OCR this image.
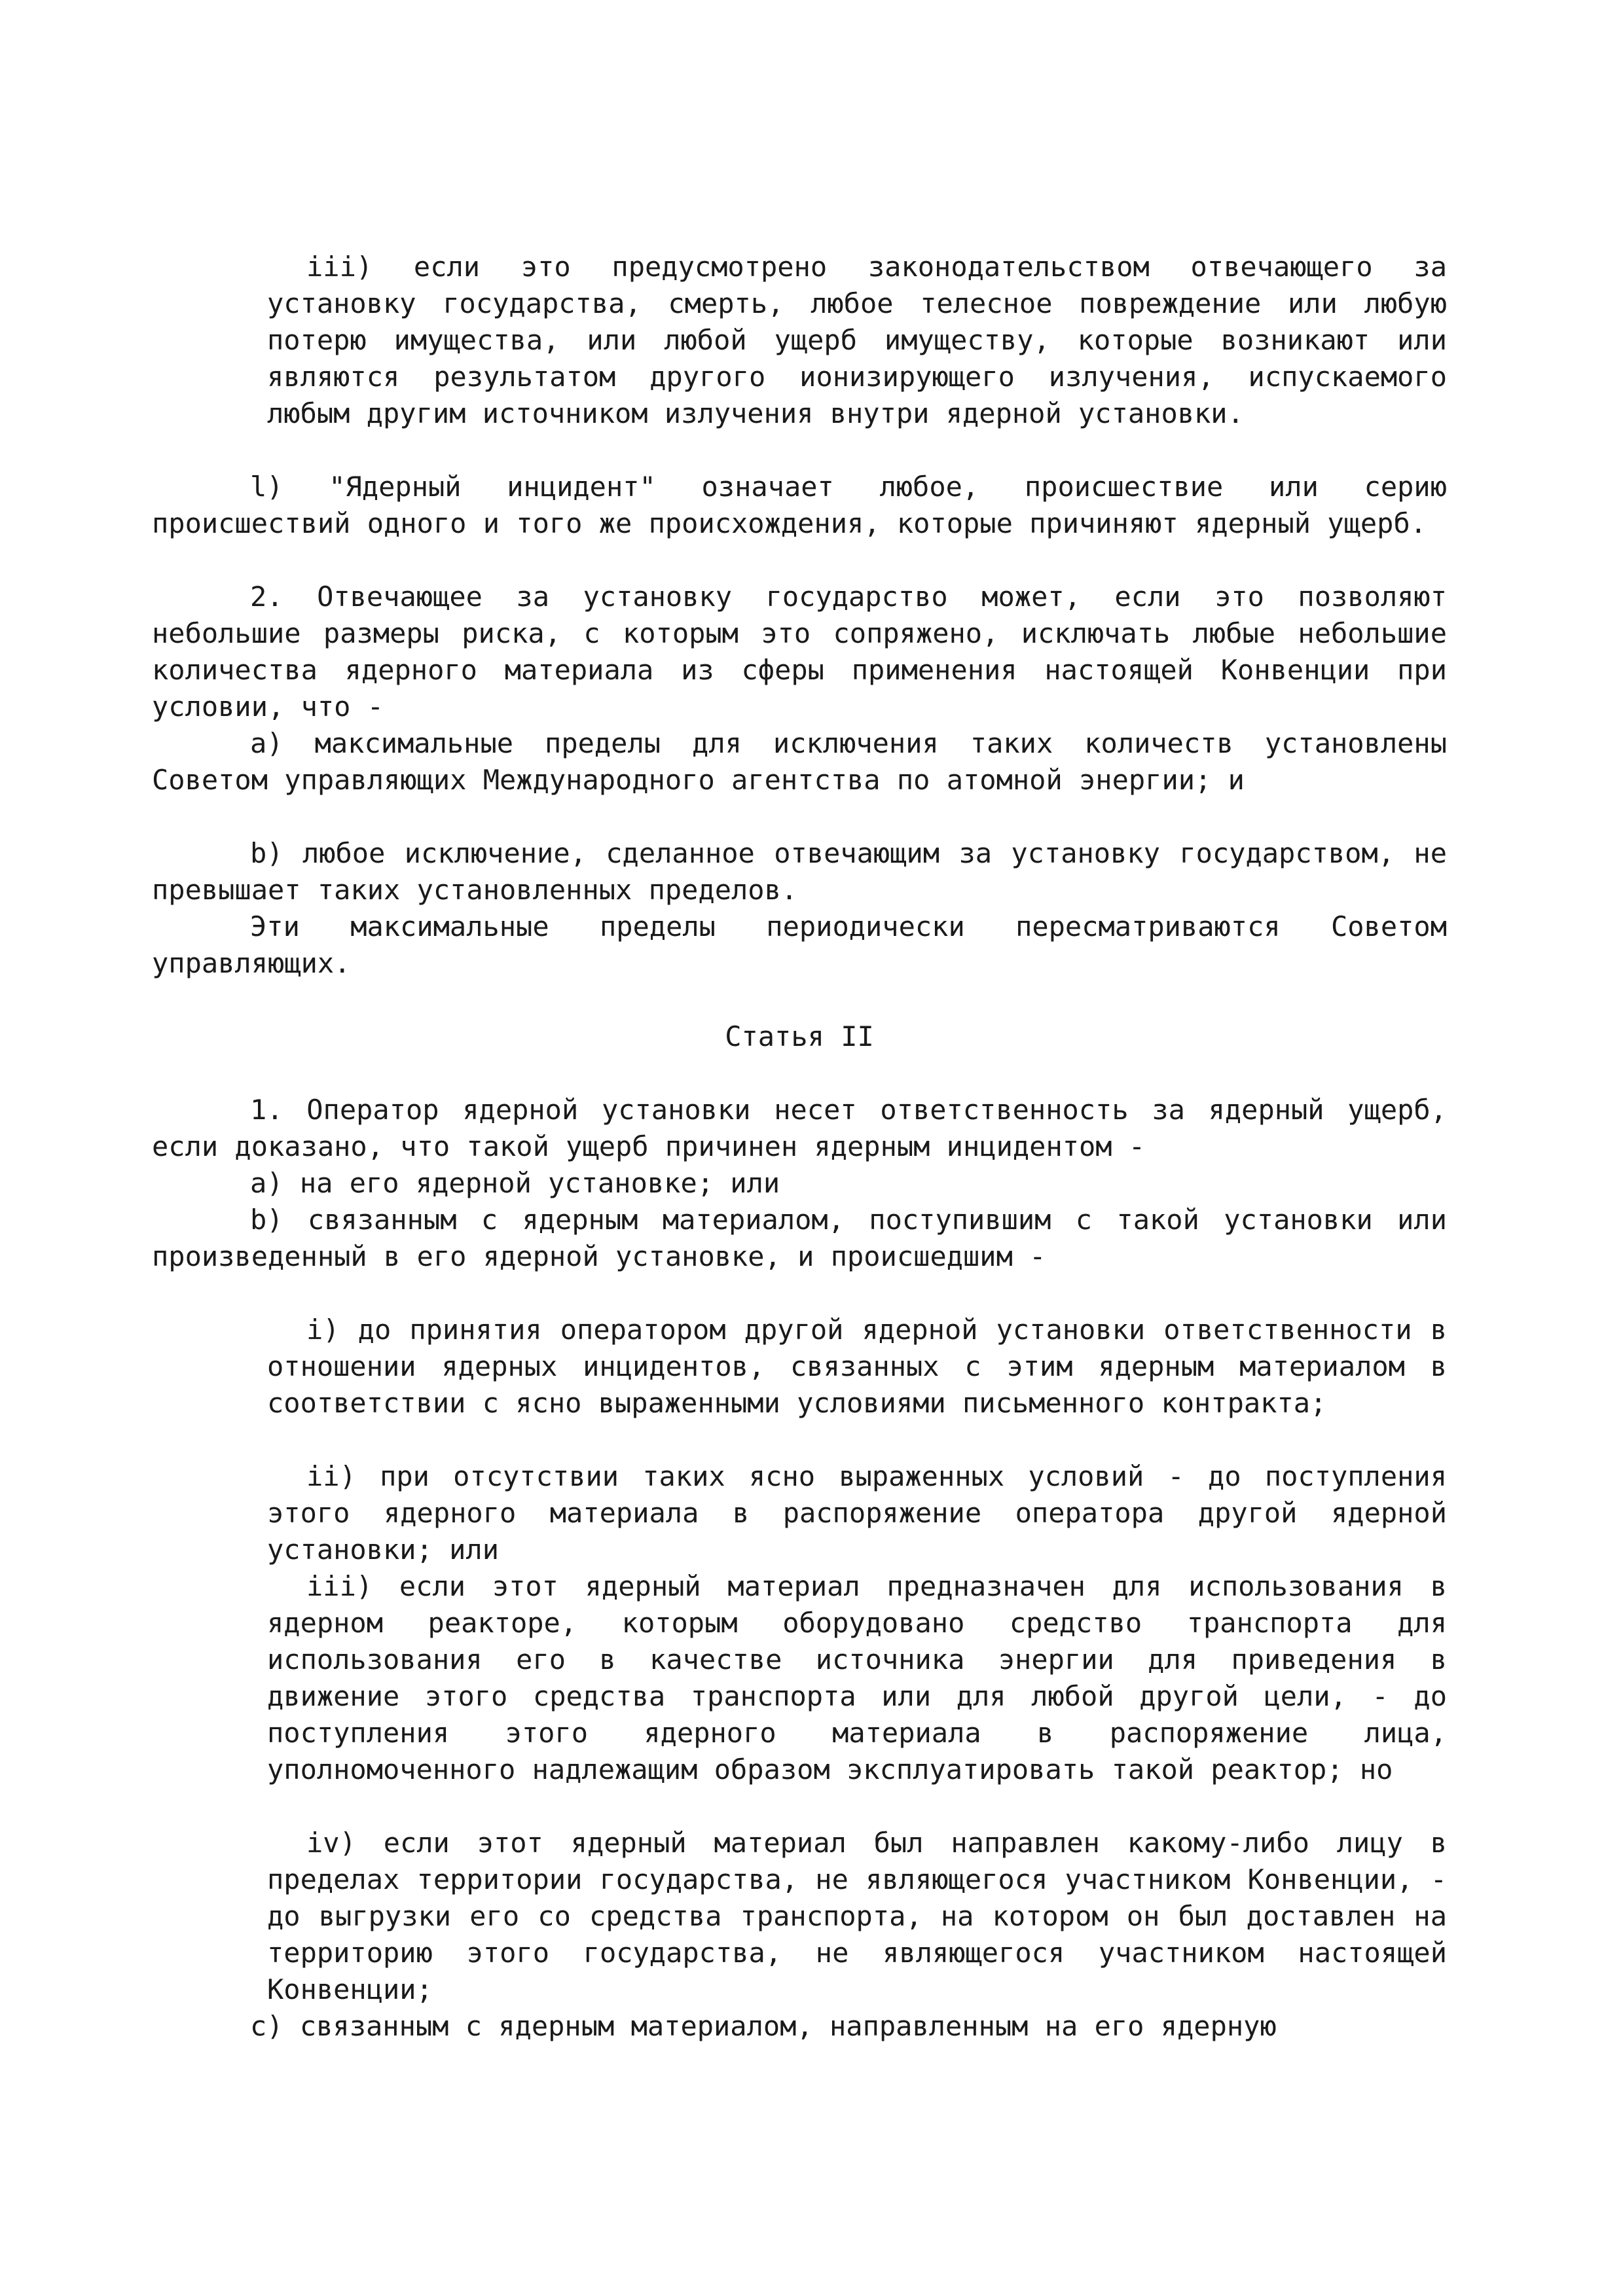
iii) если это предусмотрено законодательством отвечающего за установку государства, смерть, любое телесное повреждение или любую потерю имущества, или любой ущерб имуществу, которые возникают или являются результатом другого ионизирующего излучения, испускаемого любым другим источником излучения внутри ядерной установки.
l) "Ядерный инцидент" означает любое, происшествие или серию происшествий одного и того же происхождения, которые причиняют ядерный ущерб.
2. Отвечающее за установку государство может, если это позволяют небольшие размеры риска, с которым это сопряжено, исключать любые небольшие количества ядерного материала из сферы применения настоящей Конвенции при условии, что -
a) максимальные пределы для исключения таких количеств установлены Советом управляющих Международного агентства по атомной энергии; и
b) любое исключение, сделанное отвечающим за установку государством, не превышает таких установленных пределов.
Эти максимальные пределы периодически пересматриваются Советом управляющих.
Статья II
1. Оператор ядерной установки несет ответственность за ядерный ущерб, если доказано, что такой ущерб причинен ядерным инцидентом -
a) на его ядерной установке; или
b) связанным с ядерным материалом, поступившим с такой установки или произведенный в его ядерной установке, и происшедшим -
i) до принятия оператором другой ядерной установки ответственности в отношении ядерных инцидентов, связанных с этим ядерным материалом в соответствии с ясно выраженными условиями письменного контракта;
ii) при отсутствии таких ясно выраженных условий - до поступления этого ядерного материала в распоряжение оператора другой ядерной установки; или
iii) если этот ядерный материал предназначен для использования в ядерном реакторе, которым оборудовано средство транспорта для использования его в качестве источника энергии для приведения в движение этого средства транспорта или для любой другой цели, - до поступления этого ядерного материала в распоряжение лица, уполномоченного надлежащим образом эксплуатировать такой реактор; но
iv) если этот ядерный материал был направлен какому-либо лицу в пределах территории государства, не являющегося участником Конвенции, - до выгрузки его со средства транспорта, на котором он был доставлен на территорию этого государства, не являющегося участником настоящей Конвенции;
c) связанным с ядерным материалом, направленным на его ядерную
